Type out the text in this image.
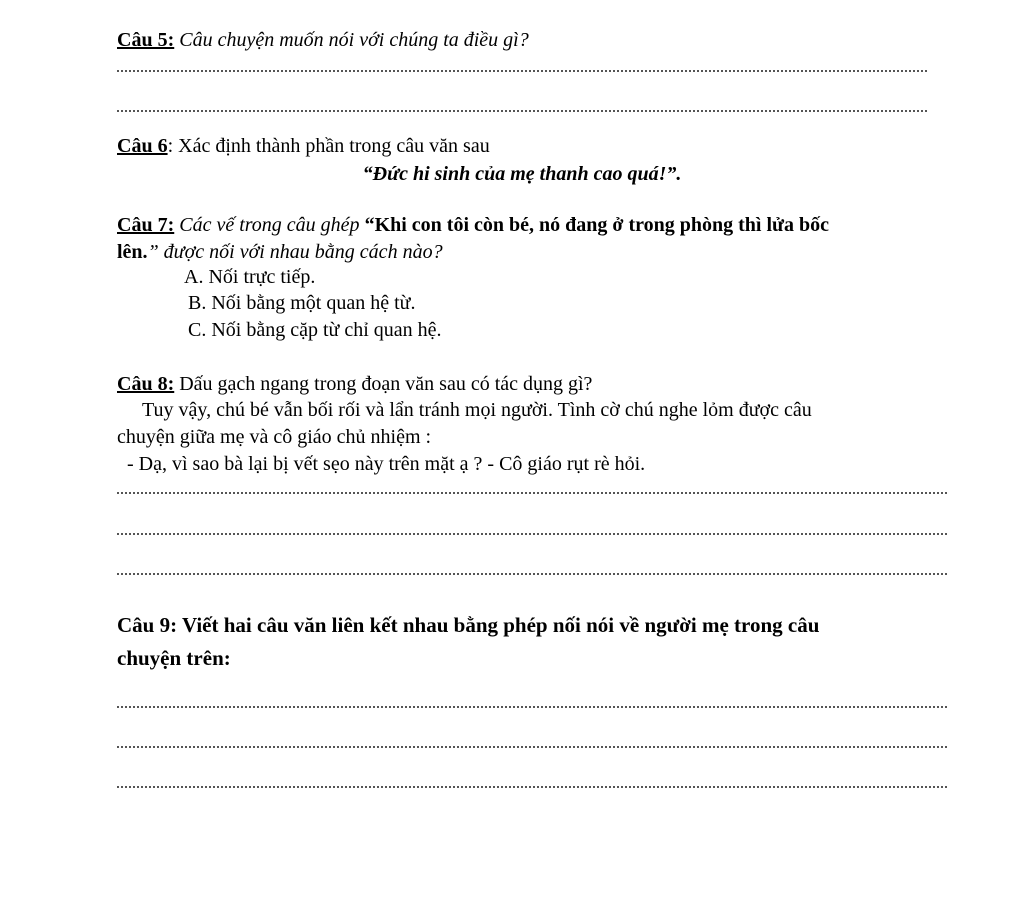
Câu 5: Câu chuyện muốn nói với chúng ta điều gì?
Câu 6: Xác định thành phần trong câu văn sau
“Đức hi sinh của mẹ thanh cao quá!”.
Câu 7: Các vế trong câu ghép “Khi con tôi còn bé, nó đang ở trong phòng thì lửa bốc
lên.” được nối với nhau bằng cách nào?
A. Nối trực tiếp.
B. Nối bằng một quan hệ từ.
C. Nối bằng cặp từ chỉ quan hệ.
Câu 8: Dấu gạch ngang trong đoạn văn sau có tác dụng gì?
Tuy vậy, chú bé vẫn bối rối và lẩn tránh mọi người. Tình cờ chú nghe lỏm được câu
chuyện giữa mẹ và cô giáo chủ nhiệm :
- Dạ, vì sao bà lại bị vết sẹo này trên mặt ạ ? - Cô giáo rụt rè hỏi.
Câu 9: Viết hai câu văn liên kết nhau bằng phép nối nói về người mẹ trong câu
chuyện trên:
